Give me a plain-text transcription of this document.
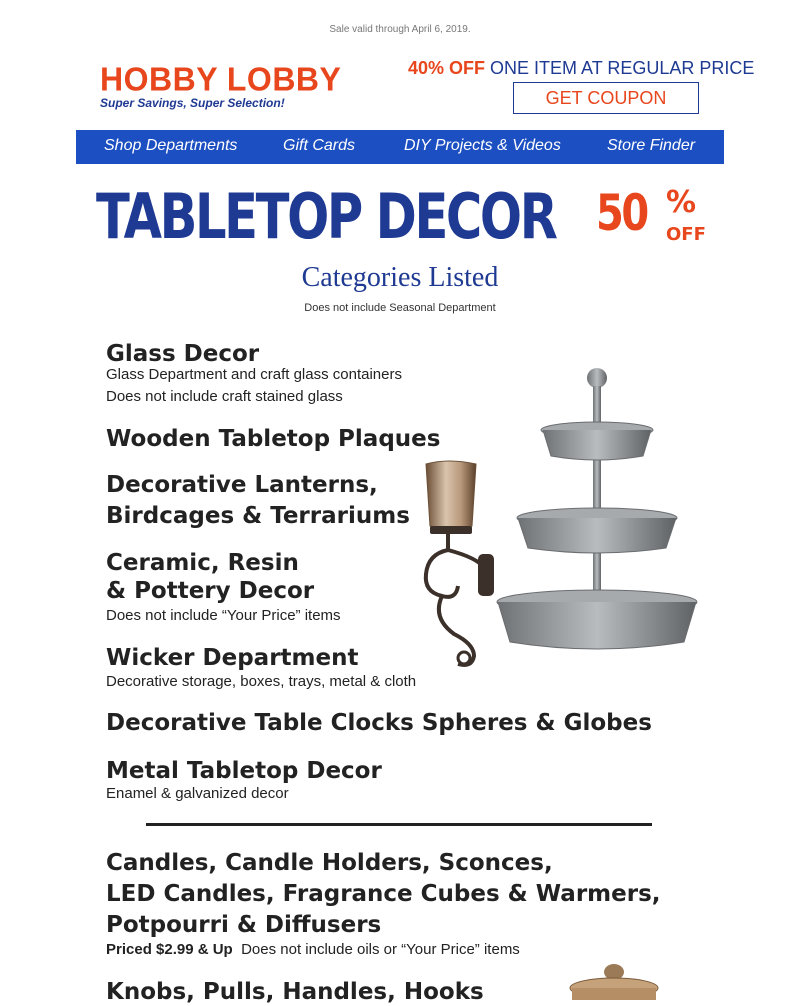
Sale valid through April 6, 2019.
HOBBY LOBBY
Super Savings, Super Selection!
40% OFF ONE ITEM AT REGULAR PRICE
GET COUPON
Shop Departments	Gift Cards	DIY Projects & Videos	Store Finder
TABLETOP DECOR 50 %
OFF
Categories Listed
Does not include Seasonal Department
Glass Decor
Glass Department and craft glass containers
Does not include craft stained glass
Wooden Tabletop Plaques
Decorative Lanterns,
Birdcages & Terrariums
Ceramic, Resin
& Pottery Decor
Does not include “Your Price” items
Wicker Department
Decorative storage, boxes, trays, metal & cloth
Decorative Table Clocks Spheres & Globes
Metal Tabletop Decor
Enamel & galvanized decor
Candles, Candle Holders, Sconces,
LED Candles, Fragrance Cubes & Warmers,
Potpourri & Diffusers
Priced $2.99 & Up Does not include oils or “Your Price” items
Knobs, Pulls, Handles, Hooks
